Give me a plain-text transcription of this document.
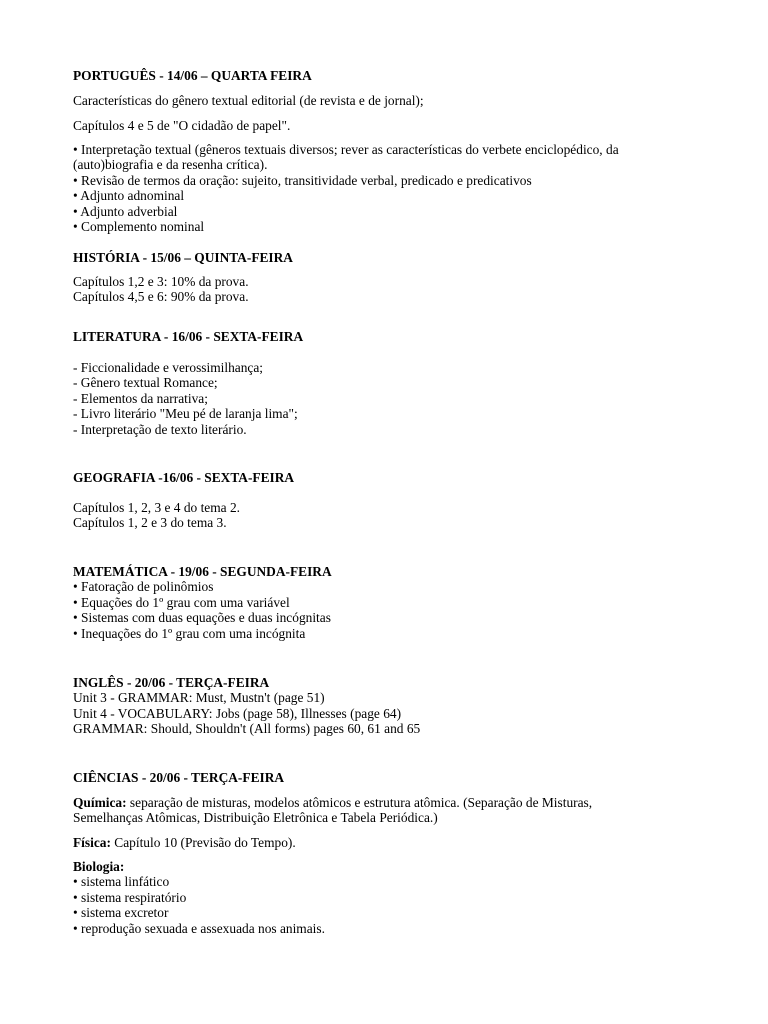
PORTUGUÊS - 14/06 – QUARTA FEIRA
Características do gênero textual editorial (de revista e de jornal);
Capítulos 4 e 5 de "O cidadão de papel".
• Interpretação textual (gêneros textuais diversos; rever as características do verbete enciclopédico, da (auto)biografia e da resenha crítica).
• Revisão de termos da oração: sujeito, transitividade verbal, predicado e predicativos
• Adjunto adnominal
• Adjunto adverbial
• Complemento nominal
HISTÓRIA - 15/06 – QUINTA-FEIRA
Capítulos 1,2 e 3: 10% da prova.
Capítulos 4,5 e 6: 90% da prova.
LITERATURA - 16/06 - SEXTA-FEIRA
- Ficcionalidade e verossimilhança;
- Gênero textual Romance;
- Elementos da narrativa;
- Livro literário "Meu pé de laranja lima";
- Interpretação de texto literário.
GEOGRAFIA -16/06 - SEXTA-FEIRA
Capítulos 1, 2, 3 e 4 do tema 2.
Capítulos 1, 2 e 3 do tema 3.
MATEMÁTICA - 19/06 - SEGUNDA-FEIRA
• Fatoração de polinômios
• Equações do 1º grau com uma variável
• Sistemas com duas equações e duas incógnitas
• Inequações do 1º grau com uma incógnita
INGLÊS - 20/06 - TERÇA-FEIRA
Unit 3 - GRAMMAR: Must, Mustn't (page 51)
Unit 4 - VOCABULARY: Jobs (page 58), Illnesses (page 64)
GRAMMAR: Should, Shouldn't (All forms) pages 60, 61 and 65
CIÊNCIAS - 20/06 - TERÇA-FEIRA
Química: separação de misturas, modelos atômicos e estrutura atômica. (Separação de Misturas, Semelhanças Atômicas, Distribuição Eletrônica e Tabela Periódica.)
Física: Capítulo 10 (Previsão do Tempo).
Biologia:
• sistema linfático
• sistema respiratório
• sistema excretor
• reprodução sexuada e assexuada nos animais.
